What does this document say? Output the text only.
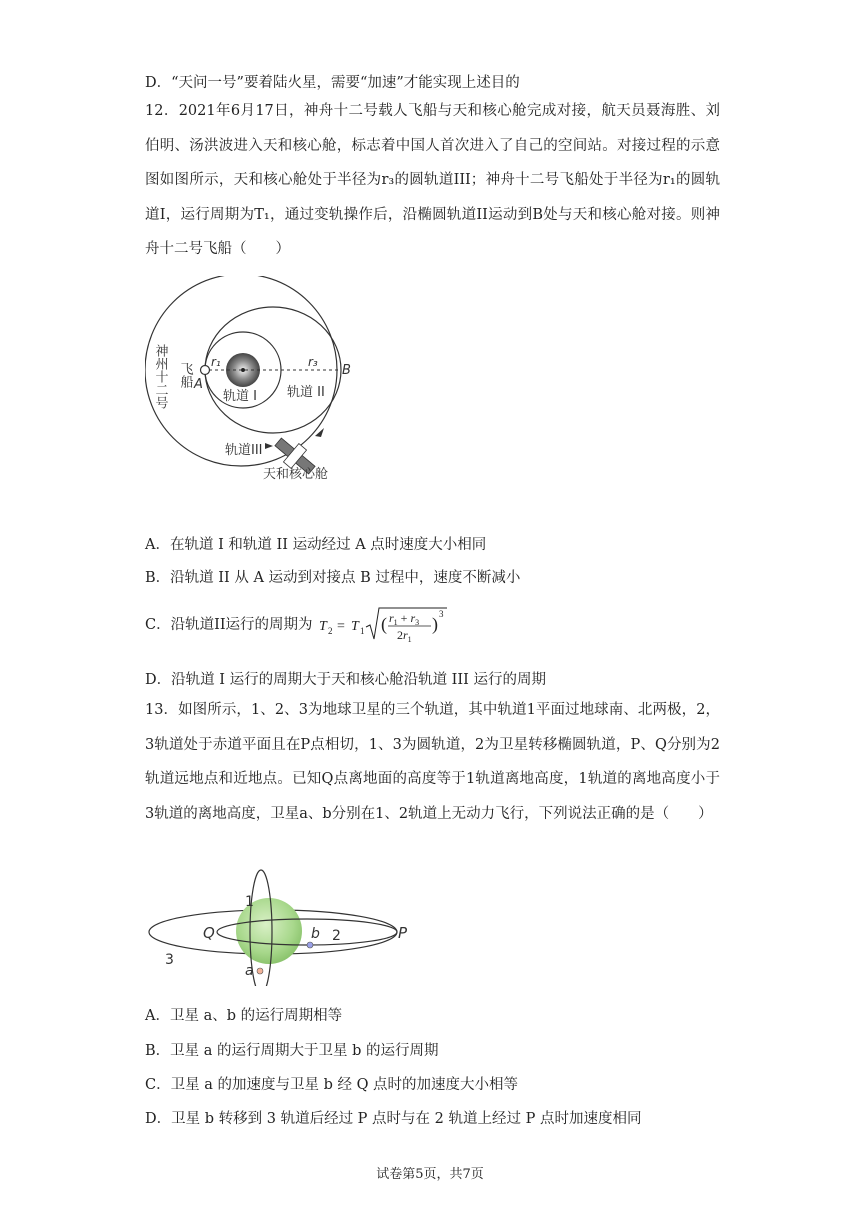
D．“天问一号”要着陆火星，需要“加速”才能实现上述目的
12．2021年6月17日，神舟十二号载人飞船与天和核心舱完成对接，航天员聂海胜、刘伯明、汤洪波进入天和核心舱，标志着中国人首次进入了自己的空间站。对接过程的示意图如图所示，天和核心舱处于半径为r₃的圆轨道III；神舟十二号飞船处于半径为r₁的圆轨道I，运行周期为T₁，通过变轨操作后，沿椭圆轨道II运动到B处与天和核心舱对接。则神舟十二号飞船（　　）
神州十二号 飞船 A
B
r₁	r₃
轨道 I 轨道 II
轨道III
天和核心舱
A．在轨道 I 和轨道 II 运动经过 A 点时速度大小相同
B．沿轨道 II 从 A 运动到对接点 B 过程中，速度不断减小
C．沿轨道II运行的周期为 T 2 = T 1 ( $r_1 + r_3$
$2r_1$
) 3
D．沿轨道 I 运行的周期大于天和核心舱沿轨道 III 运行的周期
13．如图所示，1、2、3为地球卫星的三个轨道，其中轨道1平面过地球南、北两极，2，3轨道处于赤道平面且在P点相切，1、3为圆轨道，2为卫星转移椭圆轨道，P、Q分别为2轨道远地点和近地点。已知Q点离地面的高度等于1轨道离地高度，1轨道的离地高度小于3轨道的离地高度，卫星a、b分别在1、2轨道上无动力飞行，下列说法正确的是（　　）
1
2
3
Q	P
b
a
A．卫星 a、b 的运行周期相等
B．卫星 a 的运行周期大于卫星 b 的运行周期
C．卫星 a 的加速度与卫星 b 经 Q 点时的加速度大小相等
D．卫星 b 转移到 3 轨道后经过 P 点时与在 2 轨道上经过 P 点时加速度相同
试卷第5页，共7页
